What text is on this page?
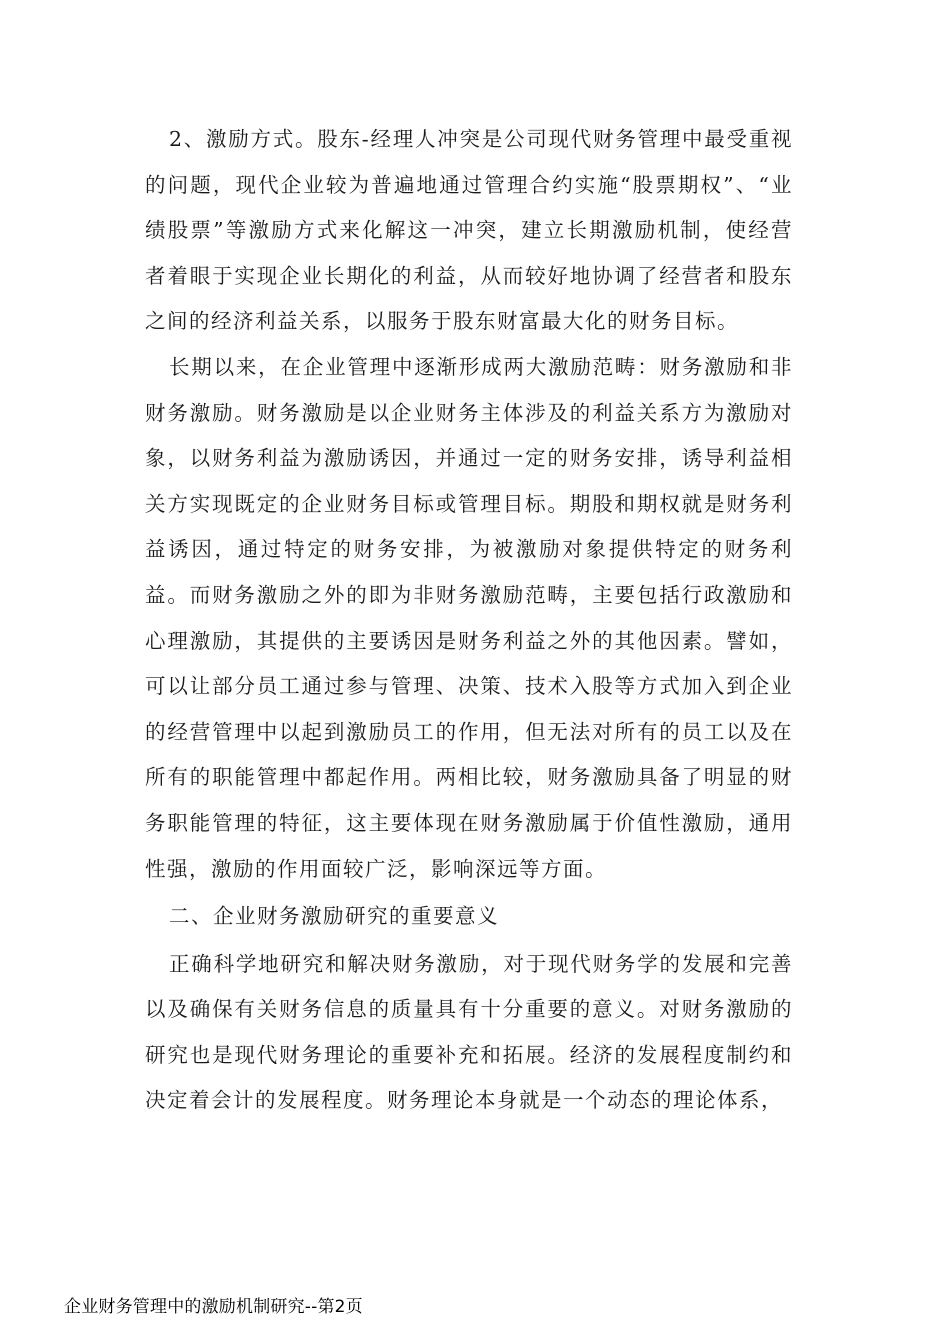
2、激励方式。股东-经理人冲突是公司现代财务管理中最受重视的问题，现代企业较为普遍地通过管理合约实施“股票期权”、“业绩股票”等激励方式来化解这一冲突，建立长期激励机制，使经营者着眼于实现企业长期化的利益，从而较好地协调了经营者和股东之间的经济利益关系，以服务于股东财富最大化的财务目标。

长期以来，在企业管理中逐渐形成两大激励范畴：财务激励和非财务激励。财务激励是以企业财务主体涉及的利益关系方为激励对象，以财务利益为激励诱因，并通过一定的财务安排，诱导利益相关方实现既定的企业财务目标或管理目标。期股和期权就是财务利益诱因，通过特定的财务安排，为被激励对象提供特定的财务利益。而财务激励之外的即为非财务激励范畴，主要包括行政激励和心理激励，其提供的主要诱因是财务利益之外的其他因素。譬如，可以让部分员工通过参与管理、决策、技术入股等方式加入到企业的经营管理中以起到激励员工的作用，但无法对所有的员工以及在所有的职能管理中都起作用。两相比较，财务激励具备了明显的财务职能管理的特征，这主要体现在财务激励属于价值性激励，通用性强，激励的作用面较广泛，影响深远等方面。

二、企业财务激励研究的重要意义

正确科学地研究和解决财务激励，对于现代财务学的发展和完善以及确保有关财务信息的质量具有十分重要的意义。对财务激励的研究也是现代财务理论的重要补充和拓展。经济的发展程度制约和决定着会计的发展程度。财务理论本身就是一个动态的理论体系，

企业财务管理中的激励机制研究--第2页
